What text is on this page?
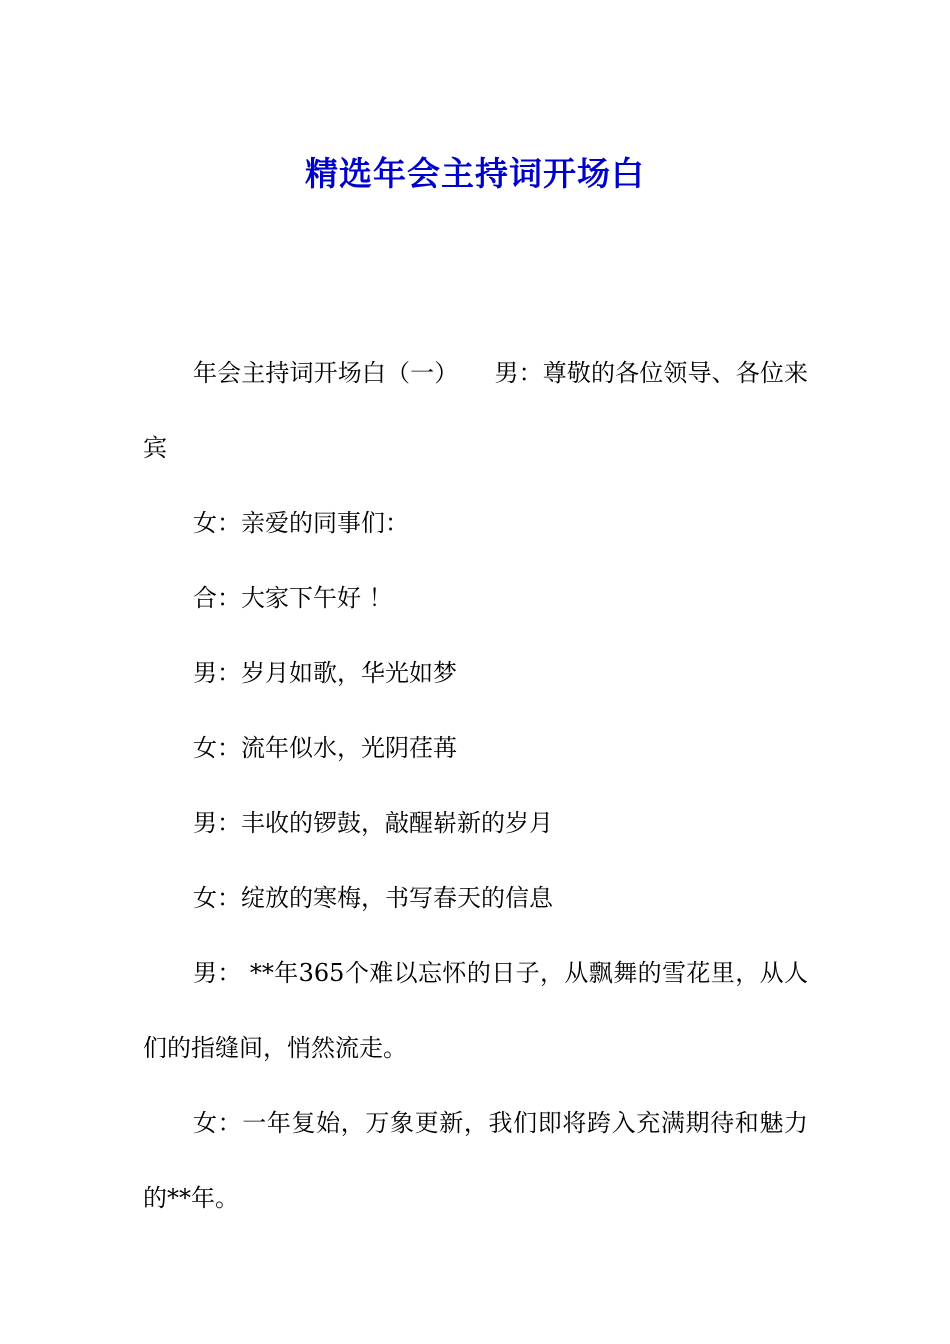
精选年会主持词开场白

年会主持词开场白（一）　　男：尊敬的各位领导、各位来宾

女：亲爱的同事们：

合：大家下午好 ！

男：岁月如歌，华光如梦

女：流年似水，光阴荏苒

男：丰收的锣鼓，敲醒崭新的岁月

女：绽放的寒梅，书写春天的信息

男： **年365个难以忘怀的日子，从飘舞的雪花里，从人们的指缝间，悄然流走。

女：一年复始，万象更新，我们即将跨入充满期待和魅力的**年。
